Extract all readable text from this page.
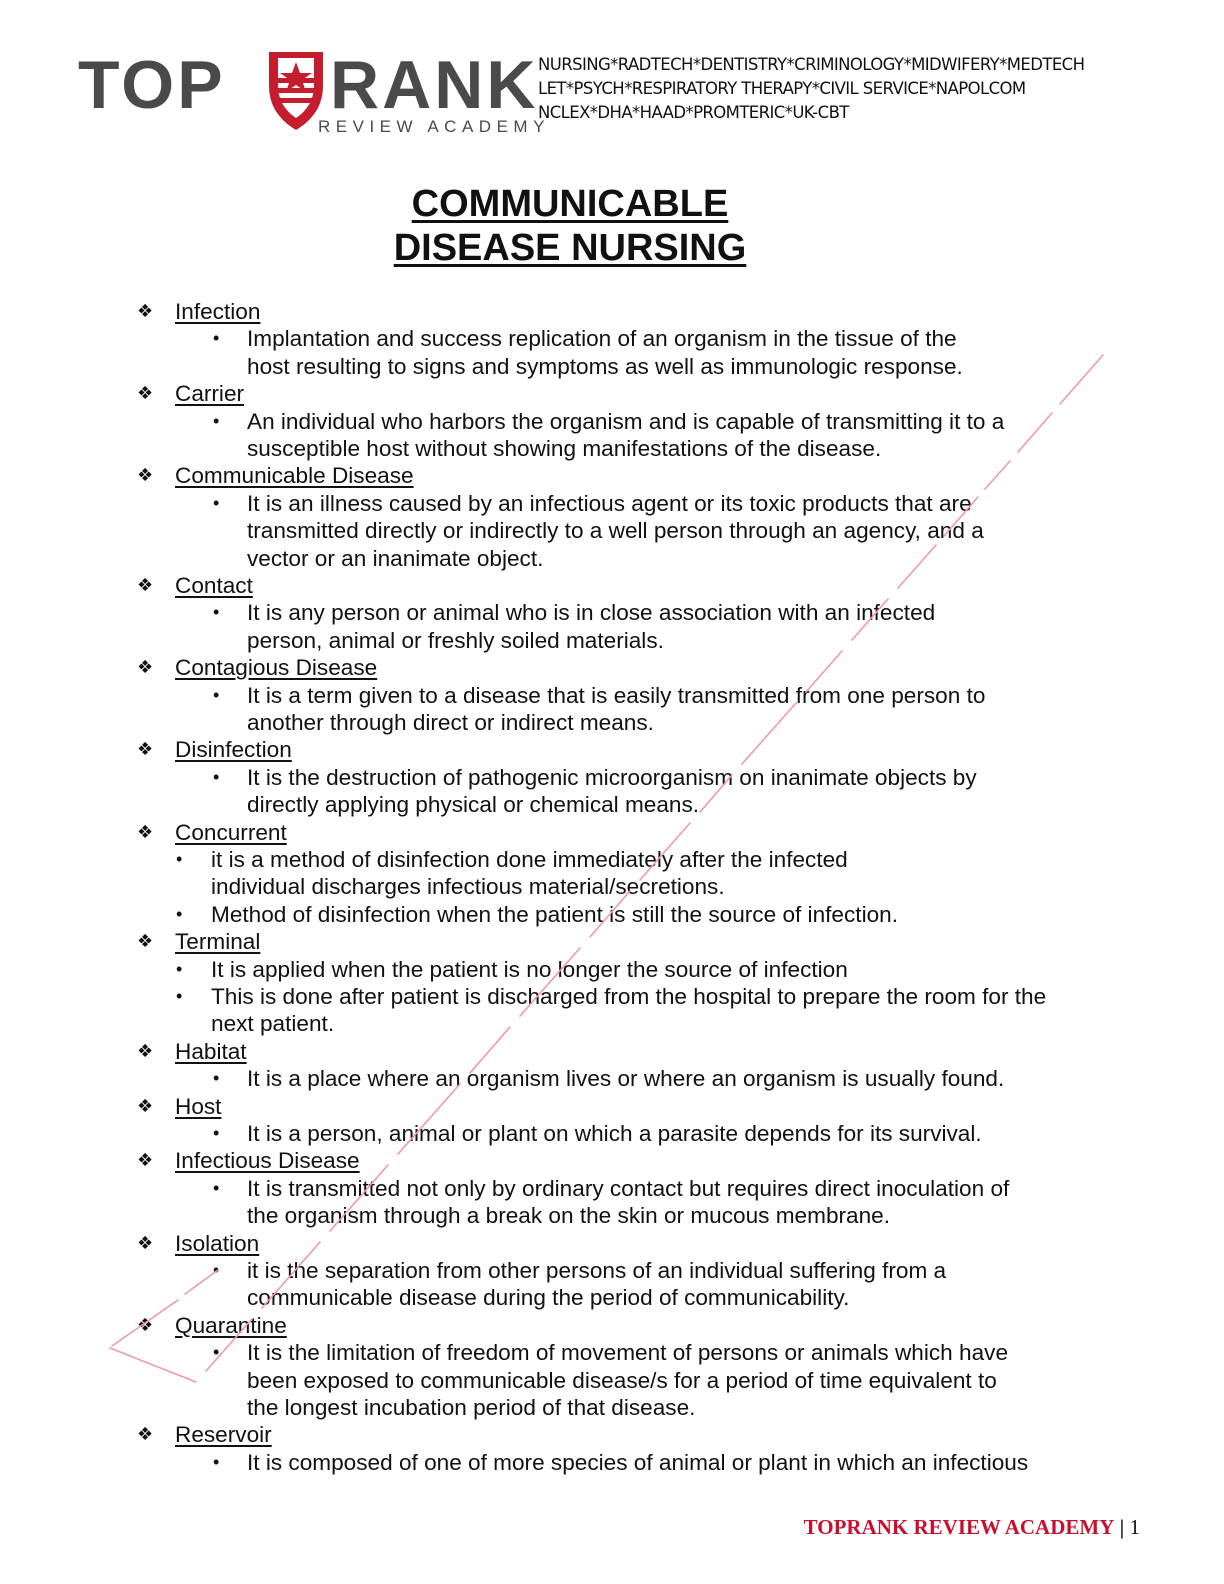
TOP RANK
REVIEW ACADEMY
NURSING*RADTECH*DENTISTRY*CRIMINOLOGY*MIDWIFERY*MEDTECH
LET*PSYCH*RESPIRATORY THERAPY*CIVIL SERVICE*NAPOLCOM
NCLEX*DHA*HAAD*PROMTERIC*UK-CBT
COMMUNICABLE
DISEASE NURSING
❖ Infection
• Implantation and success replication of an organism in the tissue of the
host resulting to signs and symptoms as well as immunologic response.
❖ Carrier
• An individual who harbors the organism and is capable of transmitting it to a
susceptible host without showing manifestations of the disease.
❖ Communicable Disease
• It is an illness caused by an infectious agent or its toxic products that are
transmitted directly or indirectly to a well person through an agency, and a
vector or an inanimate object.
❖ Contact
• It is any person or animal who is in close association with an infected
person, animal or freshly soiled materials.
❖ Contagious Disease
• It is a term given to a disease that is easily transmitted from one person to
another through direct or indirect means.
❖ Disinfection
• It is the destruction of pathogenic microorganism on inanimate objects by
directly applying physical or chemical means.
❖ Concurrent
• it is a method of disinfection done immediately after the infected
individual discharges infectious material/secretions.
• Method of disinfection when the patient is still the source of infection.
❖ Terminal
• It is applied when the patient is no longer the source of infection
• This is done after patient is discharged from the hospital to prepare the room for the
next patient.
❖ Habitat
• It is a place where an organism lives or where an organism is usually found.
❖ Host
• It is a person, animal or plant on which a parasite depends for its survival.
❖ Infectious Disease
• It is transmitted not only by ordinary contact but requires direct inoculation of
the organism through a break on the skin or mucous membrane.
❖ Isolation
• it is the separation from other persons of an individual suffering from a
communicable disease during the period of communicability.
❖ Quarantine
• It is the limitation of freedom of movement of persons or animals which have
been exposed to communicable disease/s for a period of time equivalent to
the longest incubation period of that disease.
❖ Reservoir
• It is composed of one of more species of animal or plant in which an infectious
TOPRANK REVIEW ACADEMY | 1
